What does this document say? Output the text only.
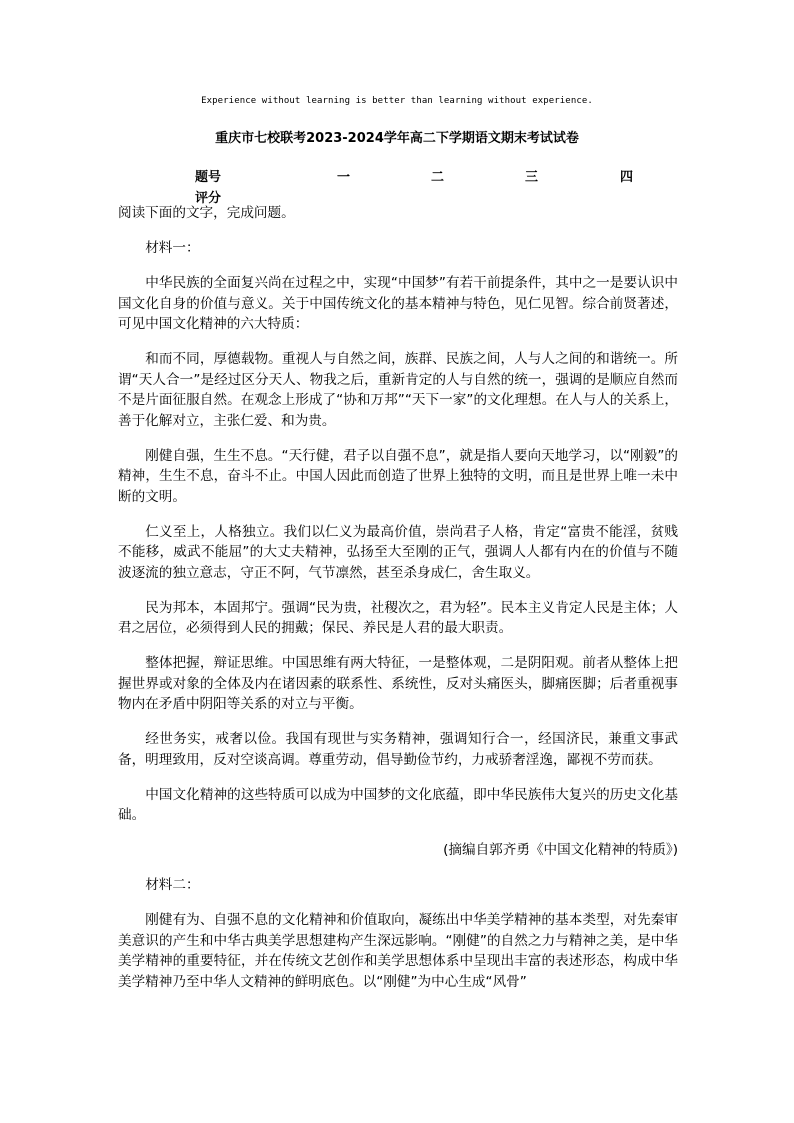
Experience without learning is better than learning without experience.
重庆市七校联考2023-2024学年高二下学期语文期末考试试卷
题号	一	二	三	四
评分

阅读下面的文字，完成问题。

材料一：

中华民族的全面复兴尚在过程之中，实现“中国梦”有若干前提条件，其中之一是要认识中国文化自身的价值与意义。关于中国传统文化的基本精神与特色，见仁见智。综合前贤著述，可见中国文化精神的六大特质：

和而不同，厚德载物。重视人与自然之间，族群、民族之间，人与人之间的和谐统一。所谓“天人合一”是经过区分天人、物我之后，重新肯定的人与自然的统一，强调的是顺应自然而不是片面征服自然。在观念上形成了“协和万邦”“天下一家”的文化理想。在人与人的关系上，善于化解对立，主张仁爱、和为贵。

刚健自强，生生不息。“天行健，君子以自强不息”，就是指人要向天地学习，以“刚毅”的精神，生生不息，奋斗不止。中国人因此而创造了世界上独特的文明，而且是世界上唯一未中断的文明。

仁义至上，人格独立。我们以仁义为最高价值，崇尚君子人格，肯定“富贵不能淫，贫贱不能移，威武不能屈”的大丈夫精神，弘扬至大至刚的正气，强调人人都有内在的价值与不随波逐流的独立意志，守正不阿，气节凛然，甚至杀身成仁，舍生取义。

民为邦本，本固邦宁。强调“民为贵，社稷次之，君为轻”。民本主义肯定人民是主体；人君之居位，必须得到人民的拥戴；保民、养民是人君的最大职责。

整体把握，辩证思维。中国思维有两大特征，一是整体观，二是阴阳观。前者从整体上把握世界或对象的全体及内在诸因素的联系性、系统性，反对头痛医头，脚痛医脚；后者重视事物内在矛盾中阴阳等关系的对立与平衡。

经世务实，戒奢以俭。我国有现世与实务精神，强调知行合一，经国济民，兼重文事武备，明理致用，反对空谈高调。尊重劳动，倡导勤俭节约，力戒骄奢淫逸，鄙视不劳而获。

中国文化精神的这些特质可以成为中国梦的文化底蕴，即中华民族伟大复兴的历史文化基础。

(摘编自郭齐勇《中国文化精神的特质》)

材料二：

刚健有为、自强不息的文化精神和价值取向，凝练出中华美学精神的基本类型，对先秦审美意识的产生和中华古典美学思想建构产生深远影响。“刚健”的自然之力与精神之美，是中华美学精神的重要特征，并在传统文艺创作和美学思想体系中呈现出丰富的表述形态，构成中华美学精神乃至中华人文精神的鲜明底色。以“刚健”为中心生成“风骨”
